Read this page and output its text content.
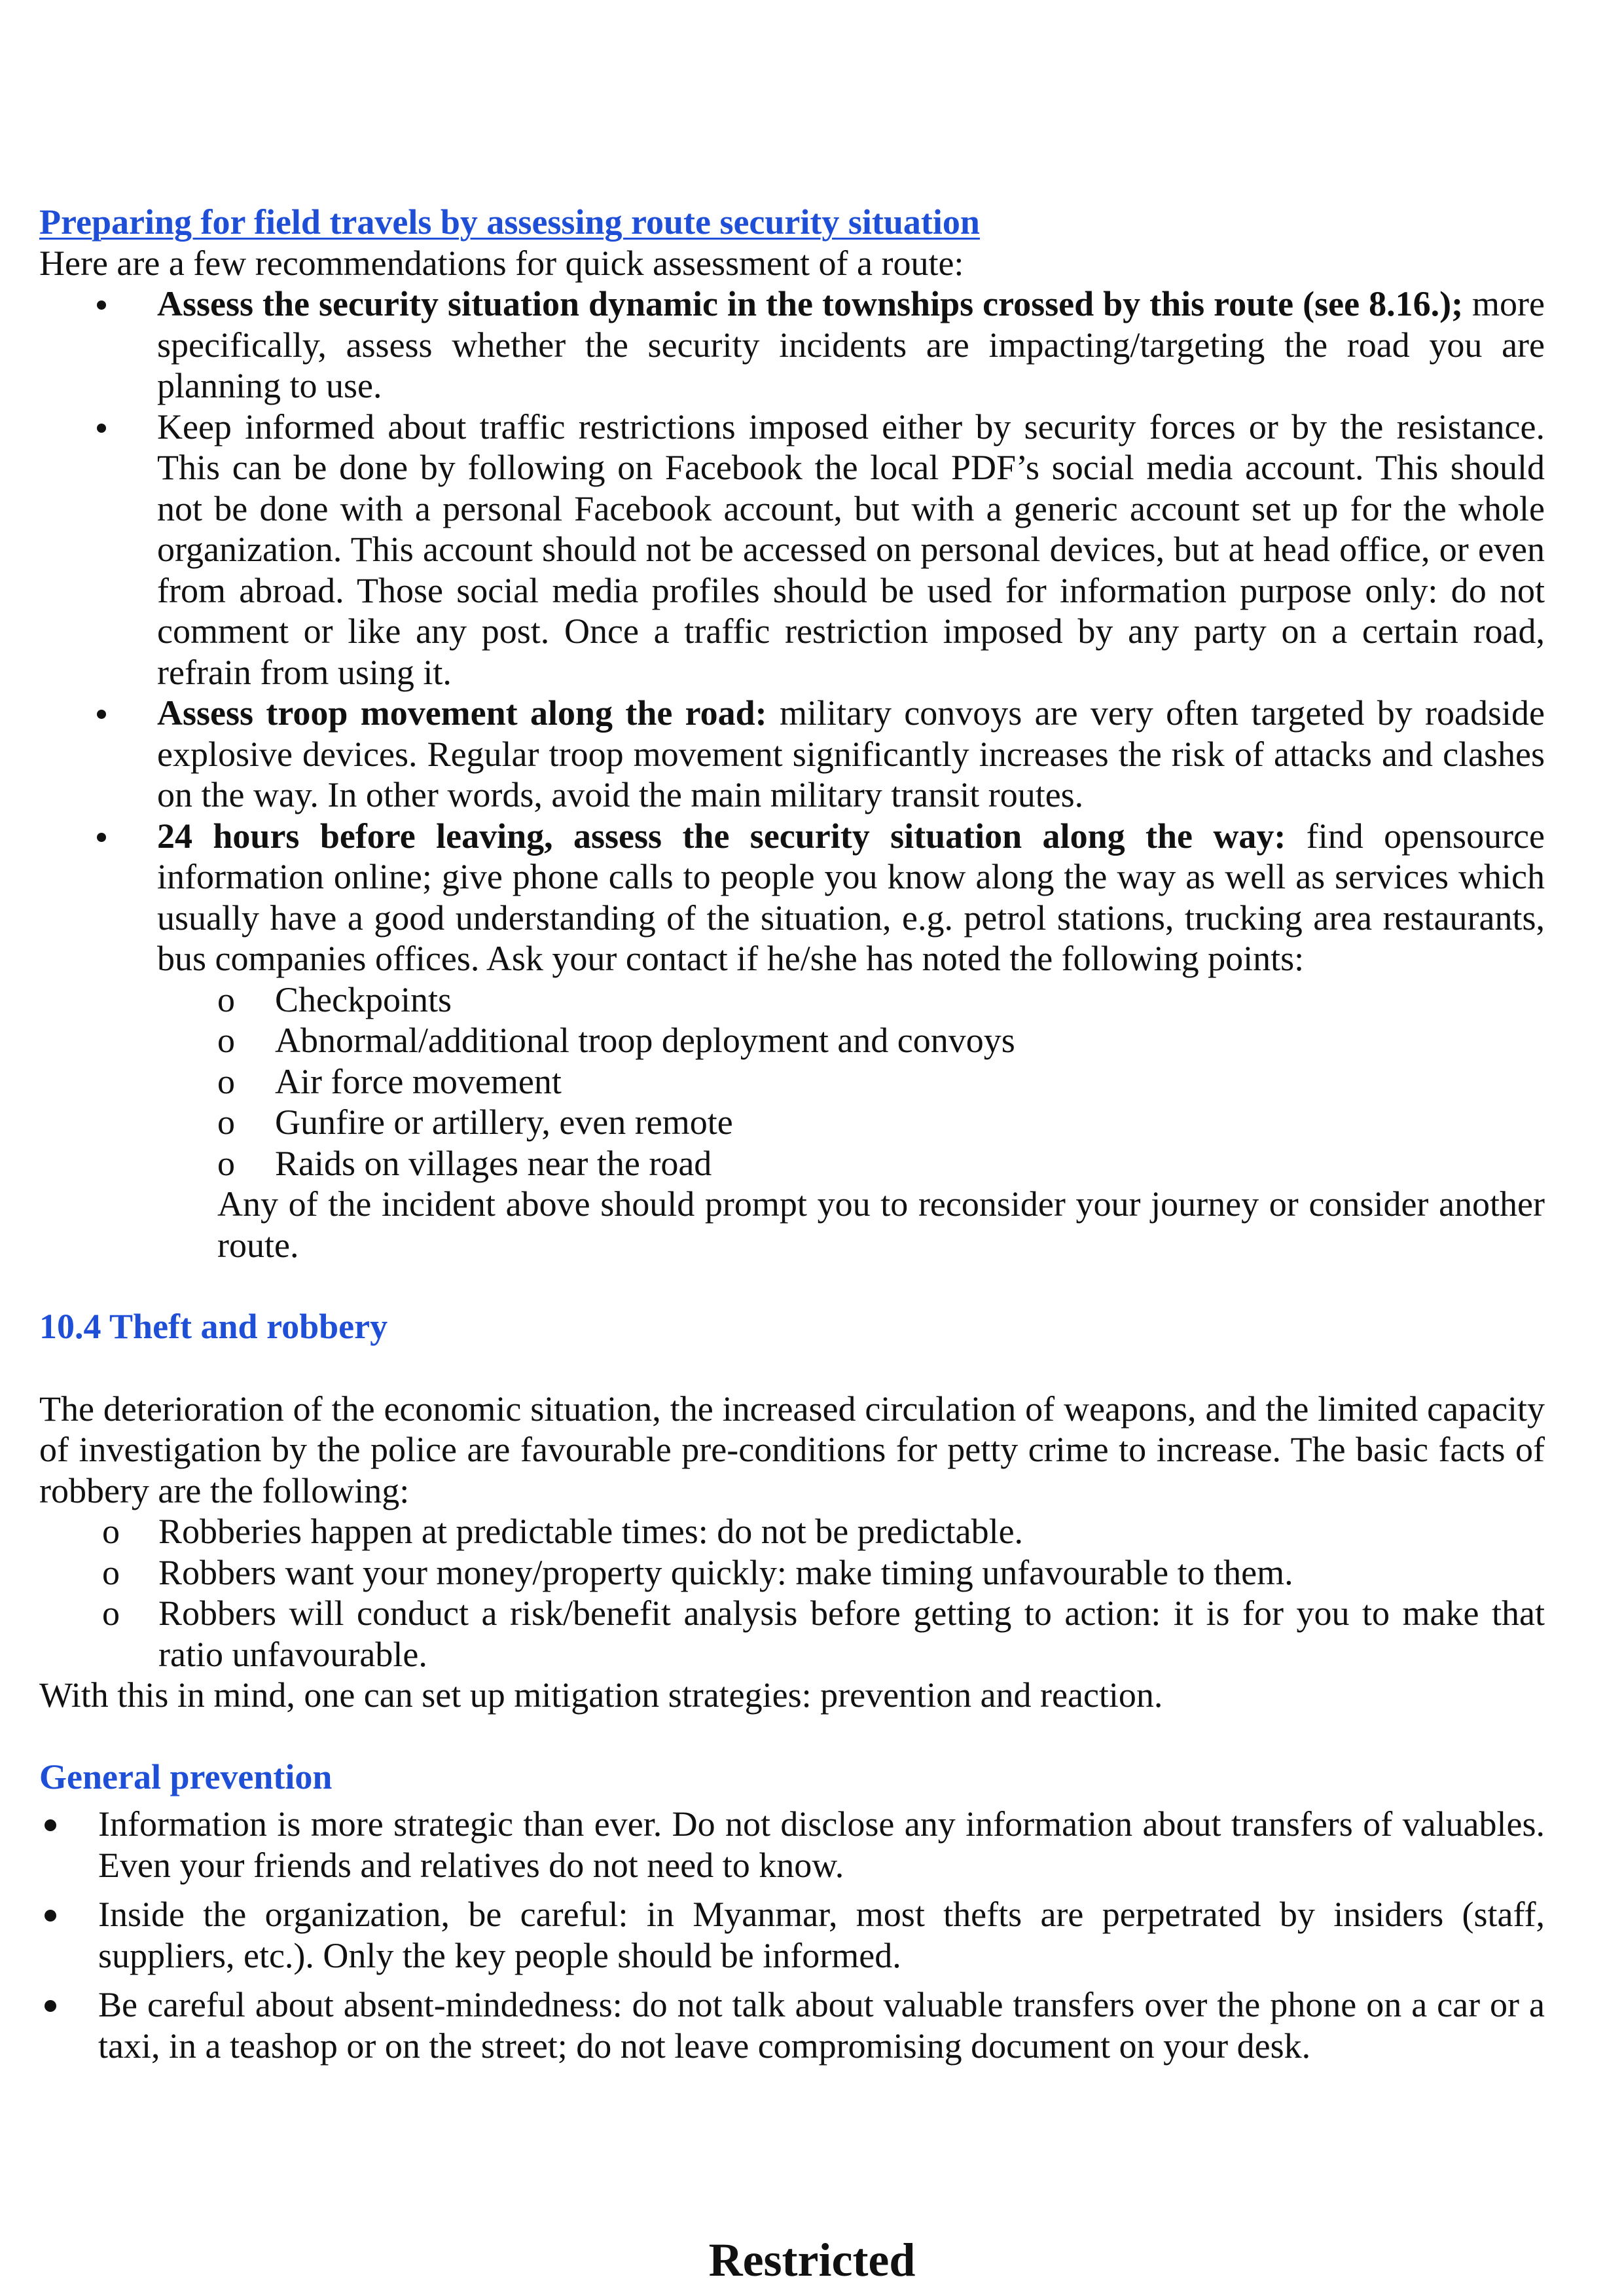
Preparing for field travels by assessing route security situation

Here are a few recommendations for quick assessment of a route:

Assess the security situation dynamic in the townships crossed by this route (see 8.16.); more specifically, assess whether the security incidents are impacting/targeting the road you are planning to use.
Keep informed about traffic restrictions imposed either by security forces or by the resistance. This can be done by following on Facebook the local PDF’s social media account. This should not be done with a personal Facebook account, but with a generic account set up for the whole organization. This account should not be accessed on personal devices, but at head office, or even from abroad. Those social media profiles should be used for information purpose only: do not comment or like any post. Once a traffic restriction imposed by any party on a certain road, refrain from using it.
Assess troop movement along the road: military convoys are very often targeted by roadside explosive devices. Regular troop movement significantly increases the risk of attacks and clashes on the way. In other words, avoid the main military transit routes.
24 hours before leaving, assess the security situation along the way: find opensource information online; give phone calls to people you know along the way as well as services which usually have a good understanding of the situation, e.g. petrol stations, trucking area restaurants, bus companies offices. Ask your contact if he/she has noted the following points:
o Checkpoints
o Abnormal/additional troop deployment and convoys
o Air force movement
o Gunfire or artillery, even remote
o Raids on villages near the road

Any of the incident above should prompt you to reconsider your journey or consider another route.

10.4 Theft and robbery

The deterioration of the economic situation, the increased circulation of weapons, and the limited capacity of investigation by the police are favourable pre-conditions for petty crime to increase. The basic facts of robbery are the following:

o Robberies happen at predictable times: do not be predictable.
o Robbers want your money/property quickly: make timing unfavourable to them.
o Robbers will conduct a risk/benefit analysis before getting to action: it is for you to make that ratio unfavourable.

With this in mind, one can set up mitigation strategies: prevention and reaction.

General prevention

Information is more strategic than ever. Do not disclose any information about transfers of valuables. Even your friends and relatives do not need to know.
Inside the organization, be careful: in Myanmar, most thefts are perpetrated by insiders (staff, suppliers, etc.). Only the key people should be informed.
Be careful about absent-mindedness: do not talk about valuable transfers over the phone on a car or a taxi, in a teashop or on the street; do not leave compromising document on your desk.
Restricted
